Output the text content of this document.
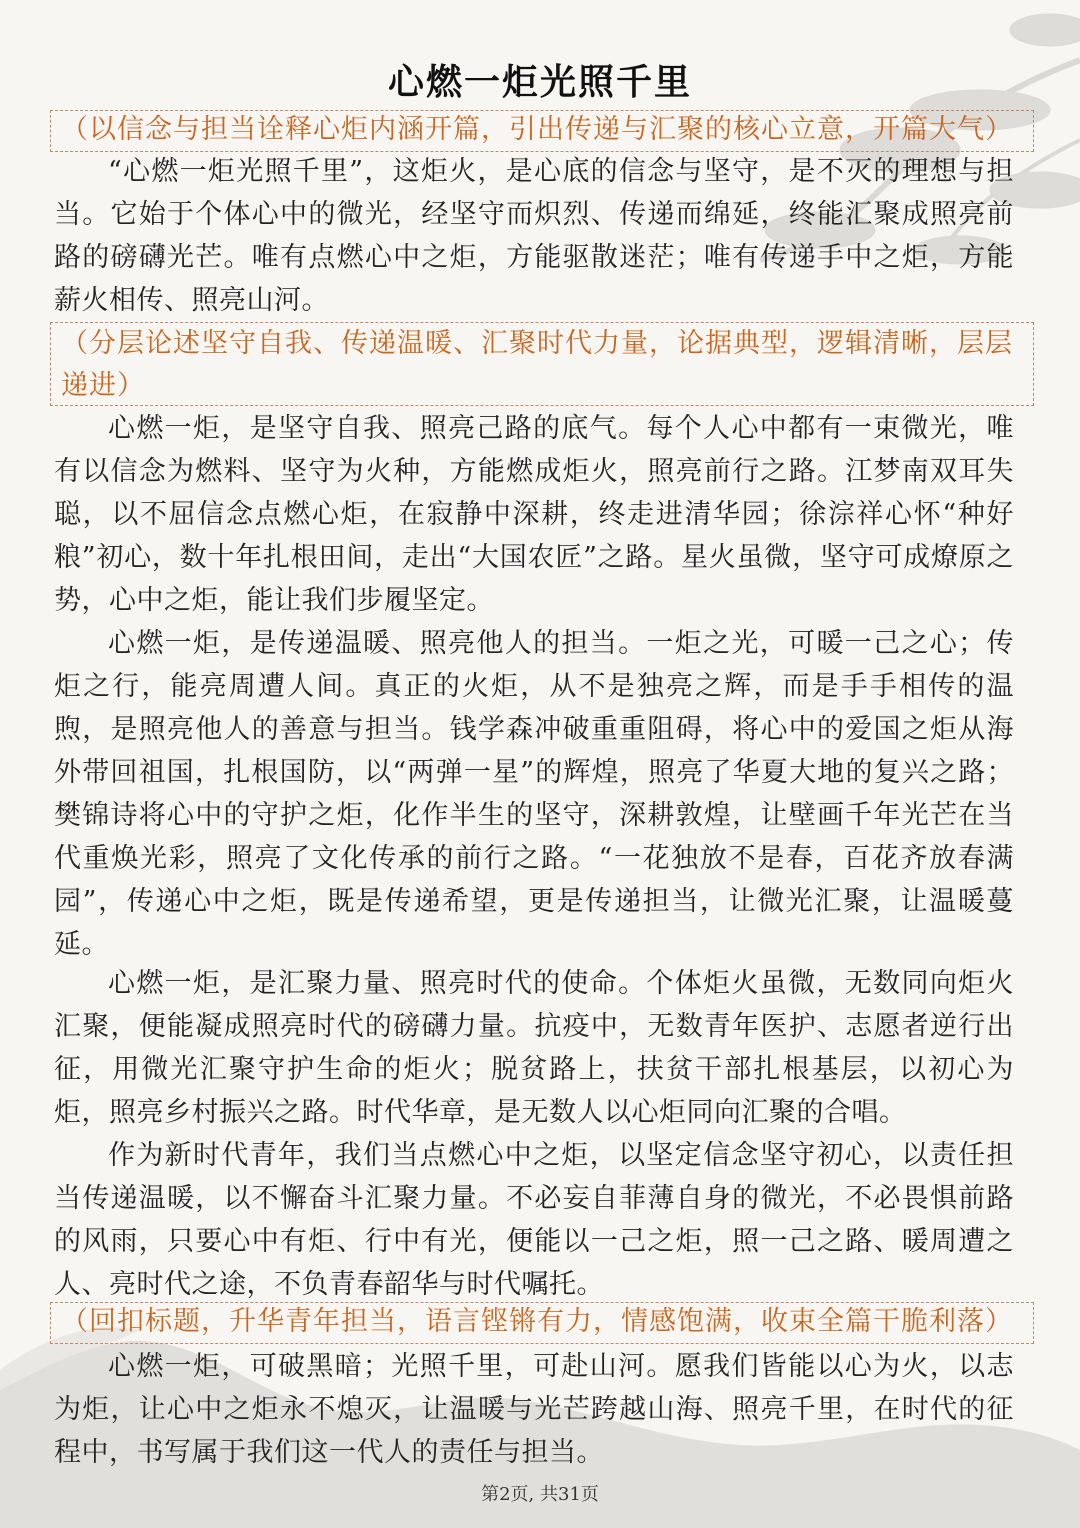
心燃一炬光照千里
（以信念与担当诠释心炬内涵开篇，引出传递与汇聚的核心立意，开篇大气）

“心燃一炬光照千里”，这炬火，是心底的信念与坚守，是不灭的理想与担当。它始于个体心中的微光，经坚守而炽烈、传递而绵延，终能汇聚成照亮前路的磅礴光芒。唯有点燃心中之炬，方能驱散迷茫；唯有传递手中之炬，方能薪火相传、照亮山河。

（分层论述坚守自我、传递温暖、汇聚时代力量，论据典型，逻辑清晰，层层递进）

心燃一炬，是坚守自我、照亮己路的底气。每个人心中都有一束微光，唯有以信念为燃料、坚守为火种，方能燃成炬火，照亮前行之路。江梦南双耳失聪，以不屈信念点燃心炬，在寂静中深耕，终走进清华园；徐淙祥心怀“种好粮”初心，数十年扎根田间，走出“大国农匠”之路。星火虽微，坚守可成燎原之势，心中之炬，能让我们步履坚定。

心燃一炬，是传递温暖、照亮他人的担当。一炬之光，可暖一己之心；传炬之行，能亮周遭人间。真正的火炬，从不是独亮之辉，而是手手相传的温煦，是照亮他人的善意与担当。钱学森冲破重重阻碍，将心中的爱国之炬从海外带回祖国，扎根国防，以“两弹一星”的辉煌，照亮了华夏大地的复兴之路；樊锦诗将心中的守护之炬，化作半生的坚守，深耕敦煌，让壁画千年光芒在当代重焕光彩，照亮了文化传承的前行之路。“一花独放不是春，百花齐放春满园”，传递心中之炬，既是传递希望，更是传递担当，让微光汇聚，让温暖蔓延。

心燃一炬，是汇聚力量、照亮时代的使命。个体炬火虽微，无数同向炬火汇聚，便能凝成照亮时代的磅礴力量。抗疫中，无数青年医护、志愿者逆行出征，用微光汇聚守护生命的炬火；脱贫路上，扶贫干部扎根基层，以初心为炬，照亮乡村振兴之路。时代华章，是无数人以心炬同向汇聚的合唱。

作为新时代青年，我们当点燃心中之炬，以坚定信念坚守初心，以责任担当传递温暖，以不懈奋斗汇聚力量。不必妄自菲薄自身的微光，不必畏惧前路的风雨，只要心中有炬、行中有光，便能以一己之炬，照一己之路、暖周遭之人、亮时代之途，不负青春韶华与时代嘱托。

（回扣标题，升华青年担当，语言铿锵有力，情感饱满，收束全篇干脆利落）

心燃一炬，可破黑暗；光照千里，可赴山河。愿我们皆能以心为火，以志为炬，让心中之炬永不熄灭，让温暖与光芒跨越山海、照亮千里，在时代的征程中，书写属于我们这一代人的责任与担当。

第2页, 共31页
